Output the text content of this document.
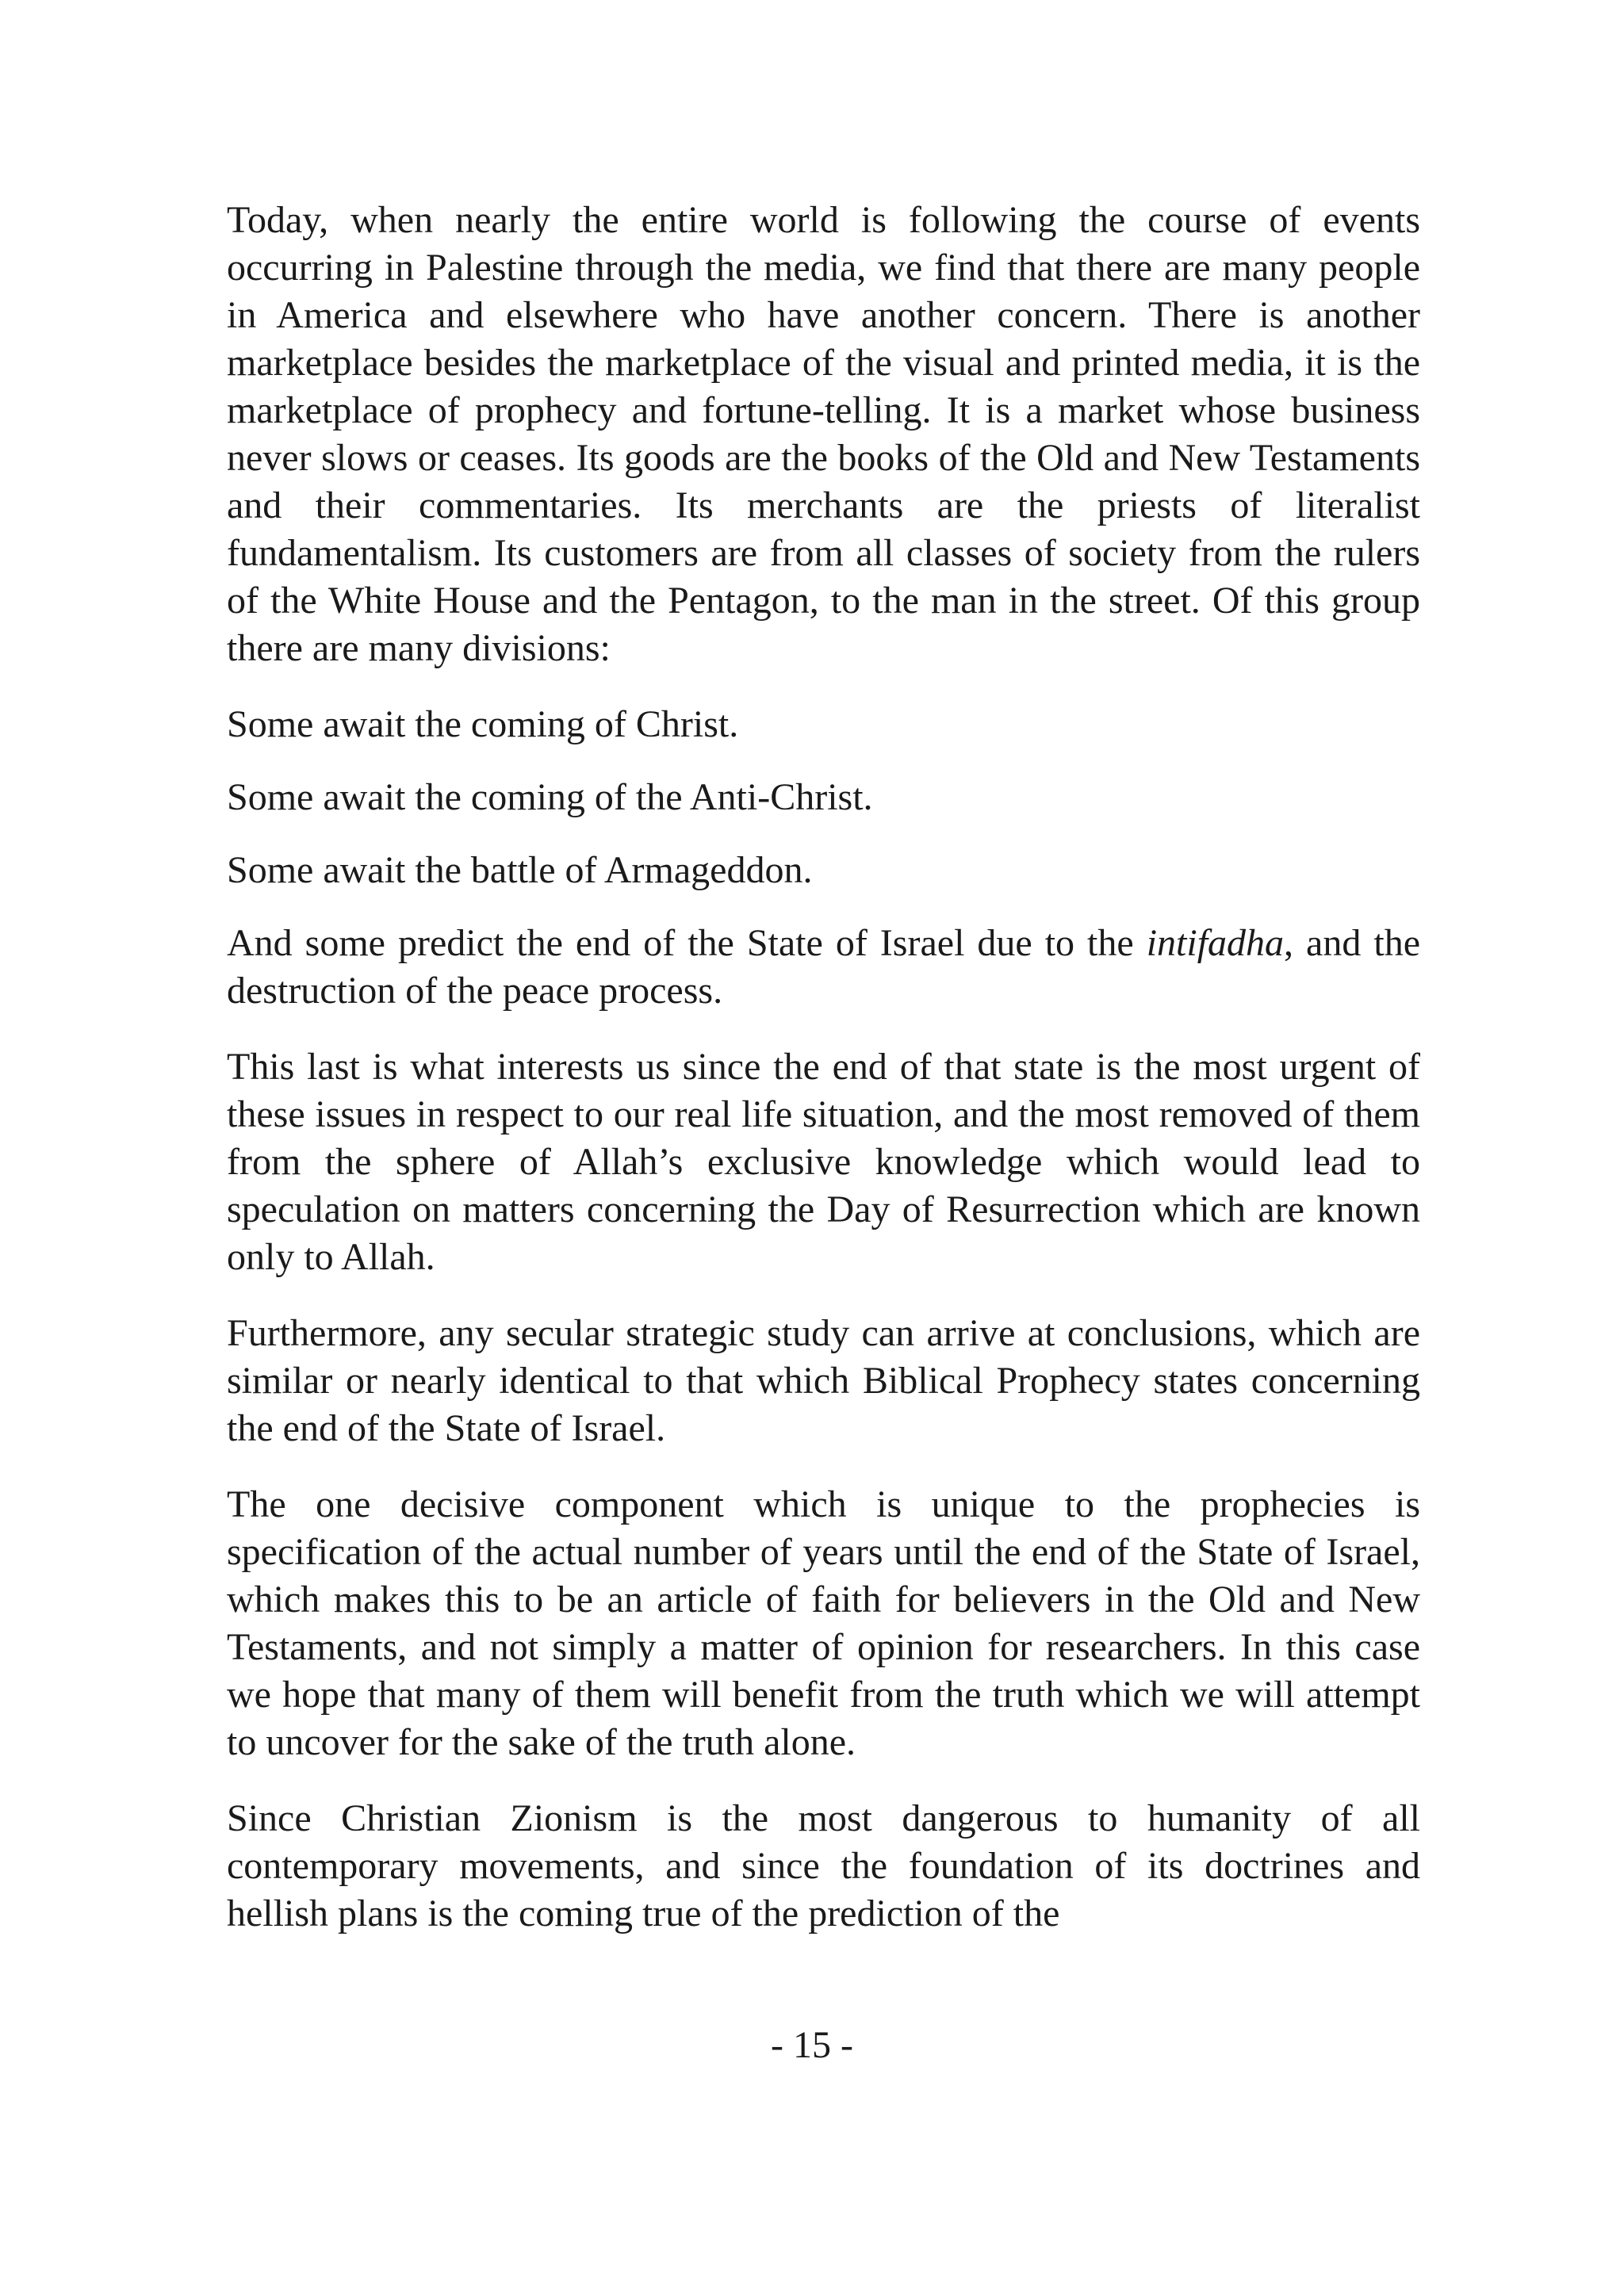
Today, when nearly the entire world is following the course of events occurring in Palestine through the media, we find that there are many people in America and elsewhere who have another concern. There is another marketplace besides the marketplace of the visual and printed media, it is the marketplace of prophecy and fortune-telling. It is a market whose business never slows or ceases. Its goods are the books of the Old and New Testaments and their commentaries. Its merchants are the priests of literalist fundamentalism. Its customers are from all classes of society from the rulers of the White House and the Pentagon, to the man in the street. Of this group there are many divisions:

Some await the coming of Christ.

Some await the coming of the Anti-Christ.

Some await the battle of Armageddon.

And some predict the end of the State of Israel due to the intifadha, and the destruction of the peace process.

This last is what interests us since the end of that state is the most urgent of these issues in respect to our real life situation, and the most removed of them from the sphere of Allah’s exclusive knowledge which would lead to speculation on matters concerning the Day of Resurrection which are known only to Allah.

Furthermore, any secular strategic study can arrive at conclusions, which are similar or nearly identical to that which Biblical Prophecy states concerning the end of the State of Israel.

The one decisive component which is unique to the prophecies is specification of the actual number of years until the end of the State of Israel, which makes this to be an article of faith for believers in the Old and New Testaments, and not simply a matter of opinion for researchers. In this case we hope that many of them will benefit from the truth which we will attempt to uncover for the sake of the truth alone.

Since Christian Zionism is the most dangerous to humanity of all contemporary movements, and since the foundation of its doctrines and hellish plans is the coming true of the prediction of the

- 15 -
